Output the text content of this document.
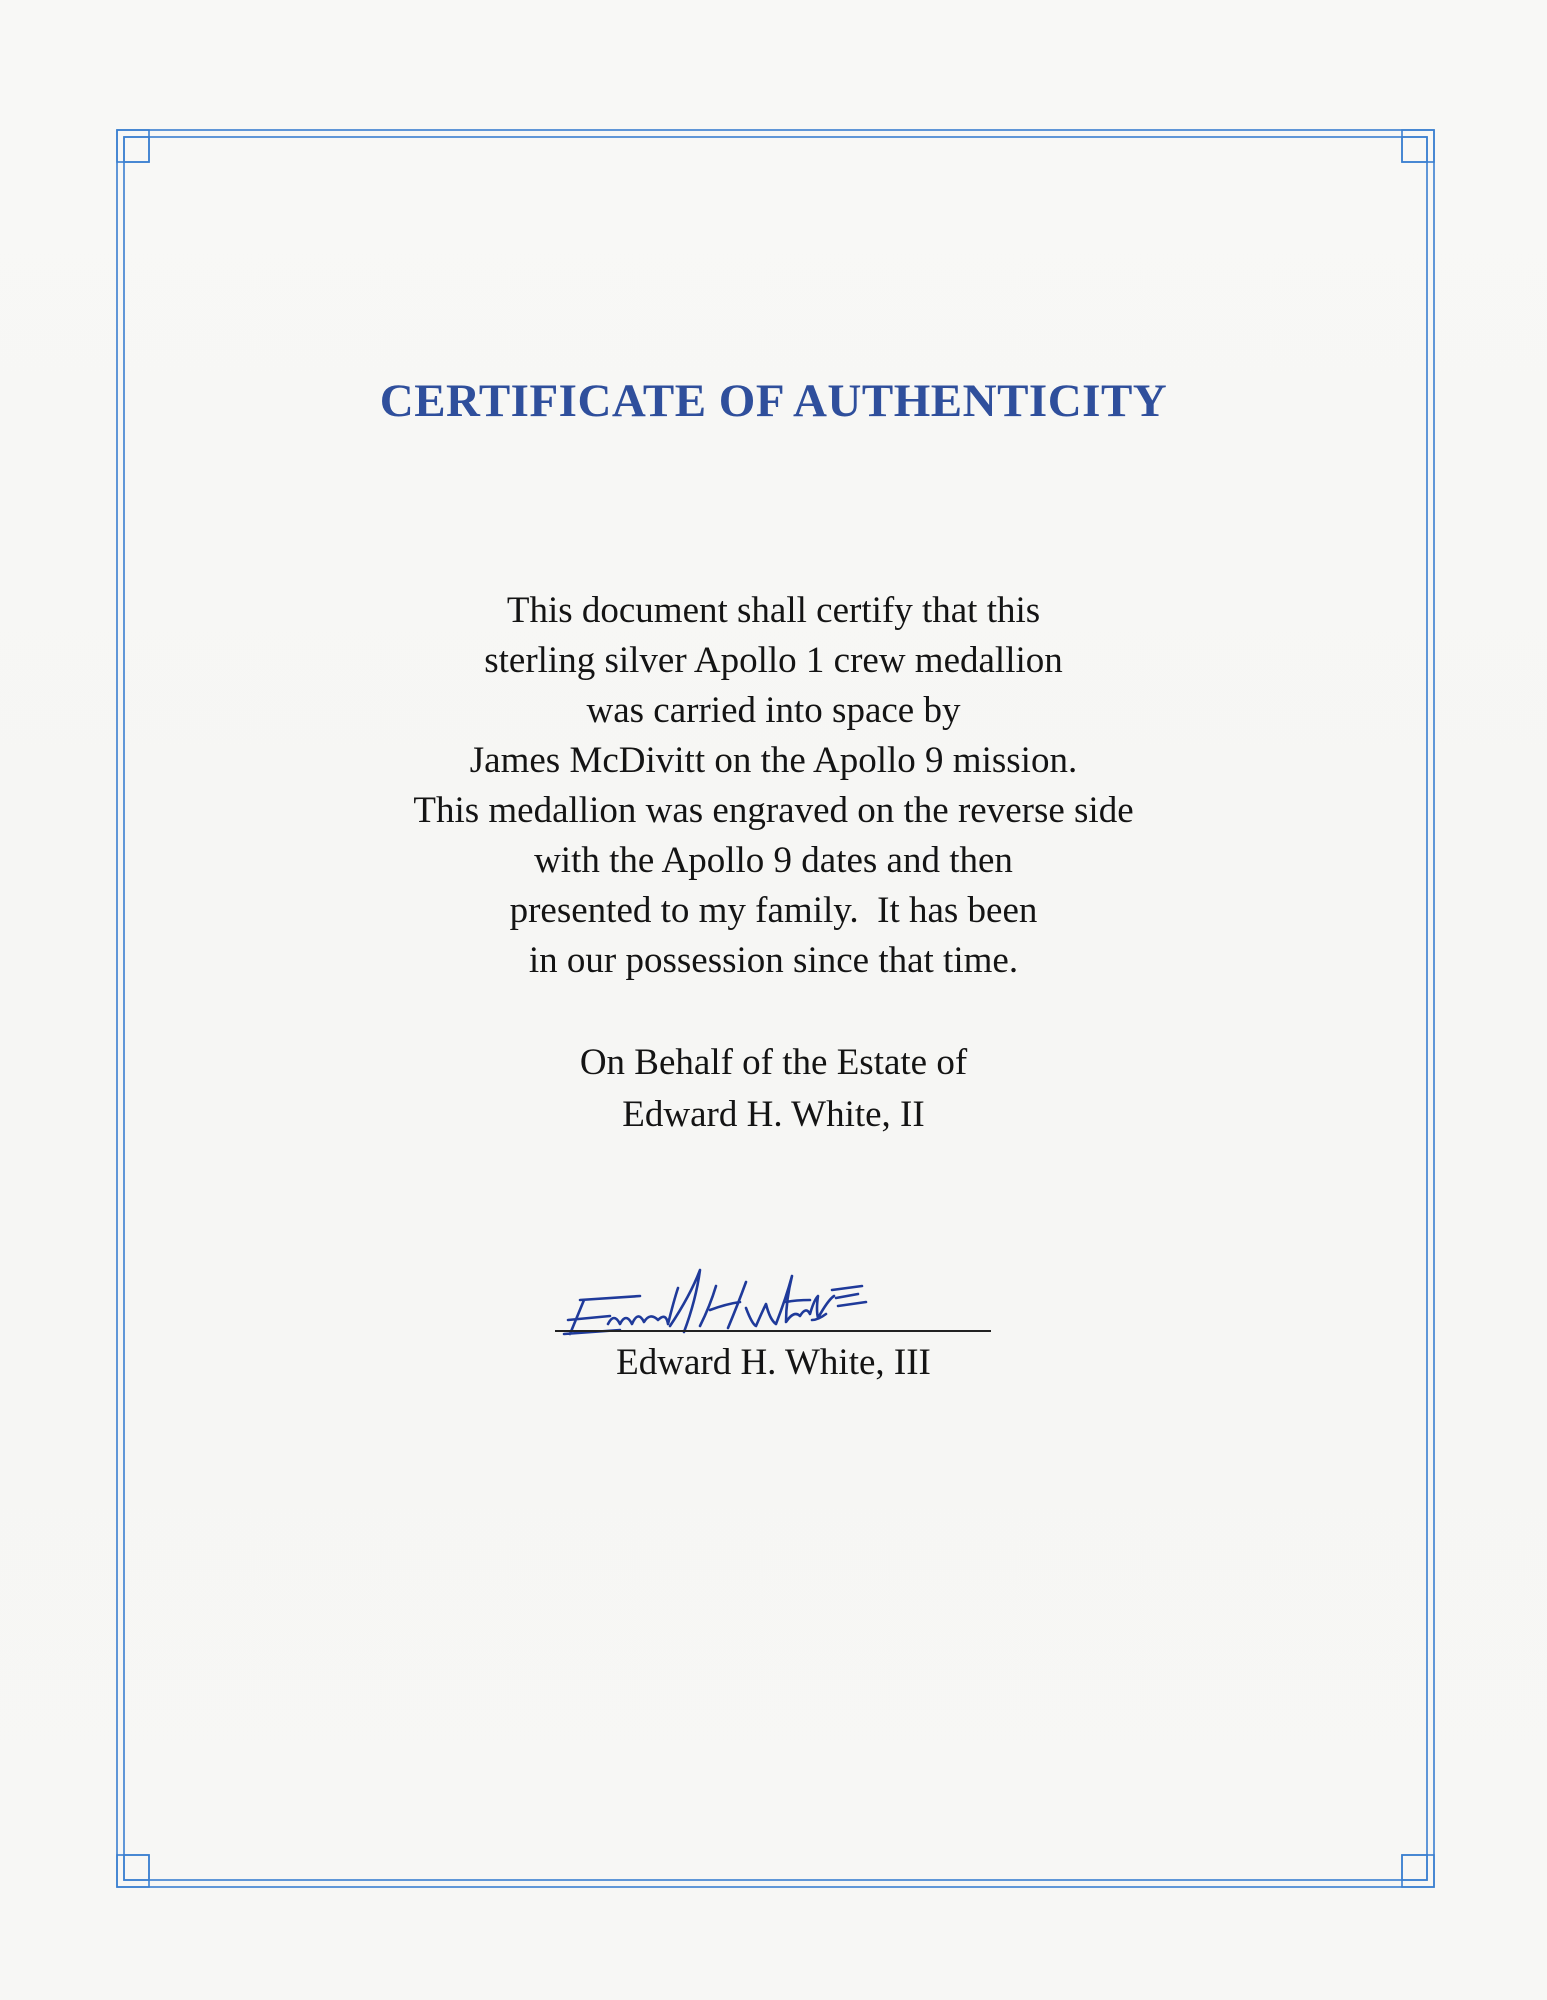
CERTIFICATE OF AUTHENTICITY
This document shall certify that this
sterling silver Apollo 1 crew medallion
was carried into space by
James McDivitt on the Apollo 9 mission.
This medallion was engraved on the reverse side
with the Apollo 9 dates and then
presented to my family.  It has been
in our possession since that time.
On Behalf of the Estate of
Edward H. White, II
Edward H. White, III
